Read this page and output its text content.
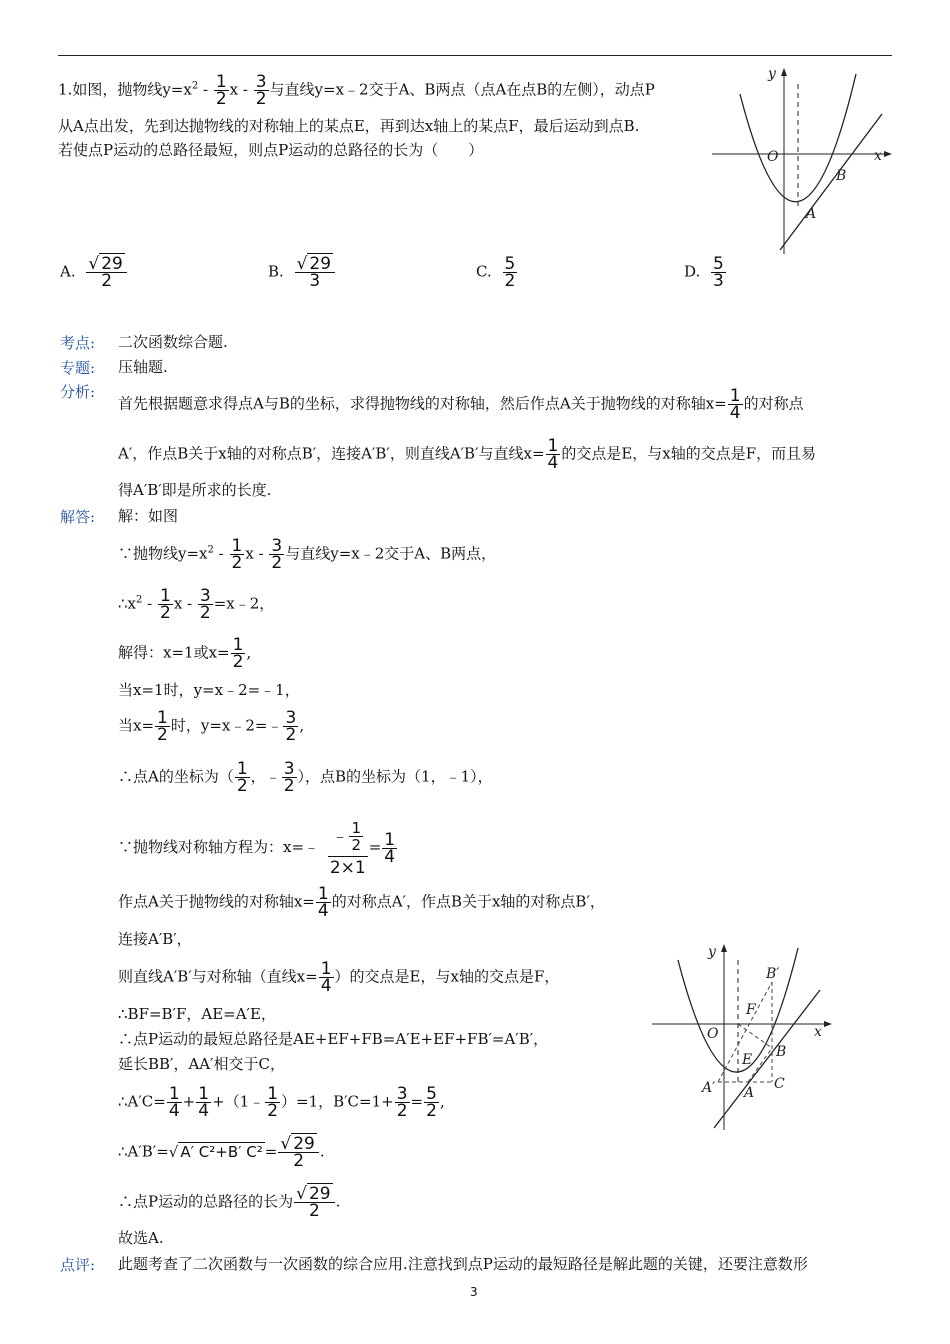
1.如图，抛物线$y=x^2 - \frac{1}{2}$ x - $\frac{3}{2}$ 与直线y=x﹣2交于A、B两点（点A在点B的左侧），动点P
从A点出发，先到达抛物线的对称轴上的某点E，再到达x轴上的某点F，最后运动到点B.
若使点P运动的总路径最短，则点P运动的总路径的长为（　　）
y
x
O
A
B
A. $\frac{√ 29}{2}$	B. $\frac{√ 29}{3}$	C. $\frac{5}{2}$	D. $\frac{5}{3}$
考点: 二次函数综合题.
专题: 压轴题.
分析:
首先根据题意求得点A与B的坐标，求得抛物线的对称轴，然后作点A关于抛物线的对称轴$x= \frac{1}{4}$ 的对称点
A′，作点B关于x轴的对称点B′，连接A′B′，则直线A′B′与直线$x= \frac{1}{4}$ 的交点是E，与x轴的交点是F，而且易
得A′B′即是所求的长度.
解答: 解：如图
∵抛物线$y=x^2 - \frac{1}{2}$ x - $\frac{3}{2}$ 与直线y=x﹣2交于A、B两点，
$\therefore x^2 - \frac{1}{2}$ x - $\frac{3}{2}$ =x﹣2，
解得：x=1或$x= \frac{1}{2}$ ,
当x=1时，y=x﹣2=﹣1，
当$x= \frac{1}{2}$ 时，y=x﹣2=﹣ $\frac{3}{2}$ ,
∴点A的坐标为（ $\frac{1}{2}$ ，﹣ $\frac{3}{2}$ ），点B的坐标为（1，﹣1），
∵抛物线对称轴方程为：x=﹣ $\frac{﹣ \frac{1}{2}}{2\times 1} = \frac{1}{4}$
作点A关于抛物线的对称轴$x= \frac{1}{4}$ 的对称点A′，作点B关于x轴的对称点B′，
连接A′B′，
则直线A′B′与对称轴（直线$x= \frac{1}{4}$ ）的交点是E，与x轴的交点是F，
∴BF=B′F，AE=A′E，
∴点P运动的最短总路径是AE+EF+FB=A′E+EF+FB′=A′B′，
延长BB′，AA′相交于C，
∴A′C= $\frac{1}{4} + \frac{1}{4}$ +（1﹣ $\frac{1}{2} )=1$，$B'C=1+ \frac{3}{2} = \frac{5}{2}$ ,
∴A′B′=√ A′ C²+B′ $C^2 = \frac{√ 29}{2}$ .
∴点P运动的总路径的长为 $\frac{√ 29}{2}$ .
故选A.
点评: 此题考查了二次函数与一次函数的综合应用.注意找到点P运动的最短路径是解此题的关键，还要注意数形
y
x
O
B′
F
E B
A′ A
C
3
